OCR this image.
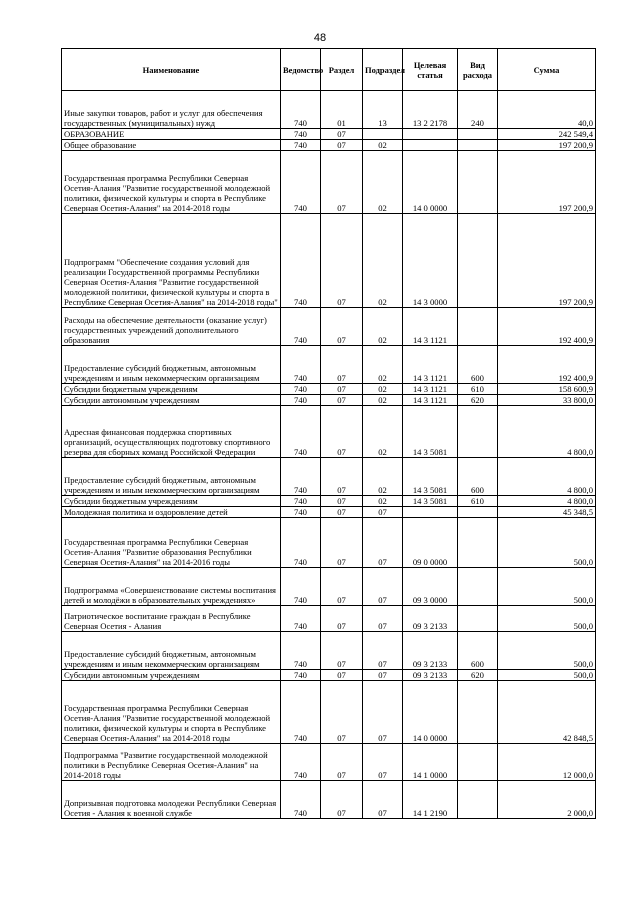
48
Наименование	Ведомство	Раздел	Подраздел	Целевая статья	Вид расхода	Сумма
Иные закупки товаров, работ и услуг для обеспечения государственных (муниципальных) нужд	740	01	13	13 2 2178	240	40,0
ОБРАЗОВАНИЕ	740	07				242 549,4
Общее образование	740	07	02			197 200,9
Государственная программа Республики Северная Осетия-Алания "Развитие государственной молодежной политики, физической культуры и спорта в Республике Северная Осетия-Алания" на 2014-2018 годы	740	07	02	14 0 0000		197 200,9
Подпрограмм "Обеспечение создания условий для реализации Государственной программы Республики Северная Осетия-Алания "Развитие государственной молодежной политики, физической культуры и спорта в Республике Северная Осетия-Алания" на 2014-2018 годы"	740	07	02	14 3 0000		197 200,9
Расходы на обеспечение деятельности (оказание услуг) государственных учреждений дополнительного образования	740	07	02	14 3 1121		192 400,9
Предоставление субсидий бюджетным, автономным учреждениям и иным некоммерческим организациям	740	07	02	14 3 1121	600	192 400,9
Субсидии бюджетным учреждениям	740	07	02	14 3 1121	610	158 600,9
Субсидии автономным учреждениям	740	07	02	14 3 1121	620	33 800,0
Адресная финансовая поддержка спортивных организаций, осуществляющих подготовку спортивного резерва для сборных команд Российской Федерации	740	07	02	14 3 5081		4 800,0
Предоставление субсидий бюджетным, автономным учреждениям и иным некоммерческим организациям	740	07	02	14 3 5081	600	4 800,0
Субсидии бюджетным учреждениям	740	07	02	14 3 5081	610	4 800,0
Молодежная политика и оздоровление детей	740	07	07			45 348,5
Государственная программа Республики Северная Осетия-Алания "Развитие образования Республики Северная Осетия-Алания" на 2014-2016 годы	740	07	07	09 0 0000		500,0
Подпрограмма «Совершенствование системы воспитания детей и молодёжи в образовательных учреждениях»	740	07	07	09 3 0000		500,0
Патриотическое воспитание граждан в Республике Северная Осетия - Алания	740	07	07	09 3 2133		500,0
Предоставление субсидий бюджетным, автономным учреждениям и иным некоммерческим организациям	740	07	07	09 3 2133	600	500,0
Субсидии автономным учреждениям	740	07	07	09 3 2133	620	500,0
Государственная программа Республики Северная Осетия-Алания "Развитие государственной молодежной политики, физической культуры и спорта в Республике Северная Осетия-Алания" на 2014-2018 годы	740	07	07	14 0 0000		42 848,5
Подпрограмма "Развитие государственной молодежной политики в Республике Северная Осетия-Алания" на 2014-2018 годы	740	07	07	14 1 0000		12 000,0
Допризывная подготовка молодежи Республики Северная Осетия - Алания к военной службе	740	07	07	14 1 2190		2 000,0
